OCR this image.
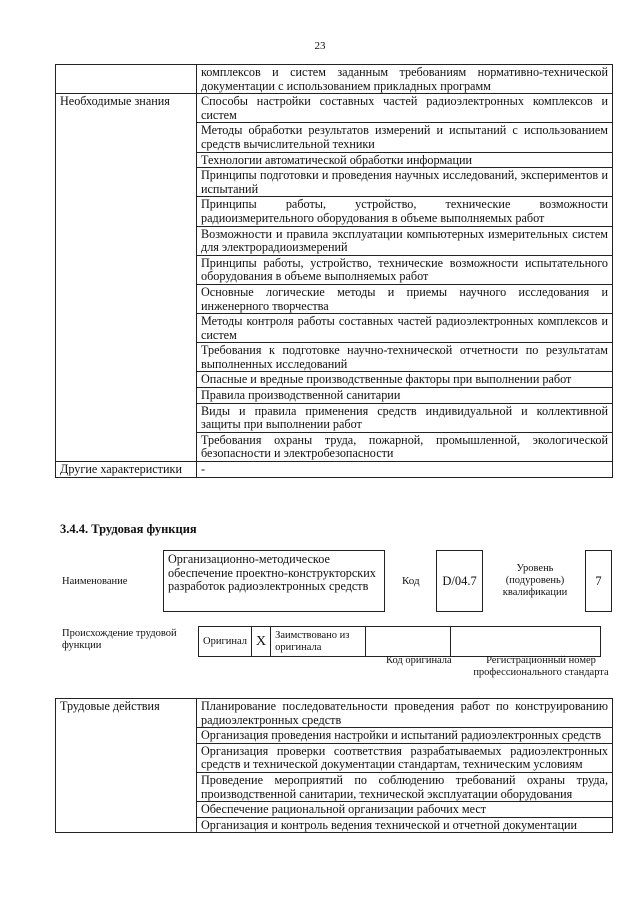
23
	комплексов и систем заданным требованиям нормативно-технической документации с использованием прикладных программ
Необходимые знания	Способы настройки составных частей радиоэлектронных комплексов и систем
	Методы обработки результатов измерений и испытаний с использованием средств вычислительной техники
	Технологии автоматической обработки информации
	Принципы подготовки и проведения научных исследований, экспериментов и испытаний
	Принципы работы, устройство, технические возможности радиоизмерительного оборудования в объеме выполняемых работ
	Возможности и правила эксплуатации компьютерных измерительных систем для электрорадиоизмерений
	Принципы работы, устройство, технические возможности испытательного оборудования в объеме выполняемых работ
	Основные логические методы и приемы научного исследования и инженерного творчества
	Методы контроля работы составных частей радиоэлектронных комплексов и систем
	Требования к подготовке научно-технической отчетности по результатам выполненных исследований
	Опасные и вредные производственные факторы при выполнении работ
	Правила производственной санитарии
	Виды и правила применения средств индивидуальной и коллективной защиты при выполнении работ
	Требования охраны труда, пожарной, промышленной, экологической безопасности и электробезопасности
Другие характеристики	-
3.4.4. Трудовая функция
Наименование
Организационно-методическое обеспечение проектно-конструкторских разработок радиоэлектронных средств	Код D/04.7
Уровень (подуровень) квалификации
7
Происхождение трудовой функции	Оригинал	X	Заимствовано из оригинала		
Код оригинала	Регистрационный номер профессионального стандарта
Трудовые действия	Планирование последовательности проведения работ по конструированию радиоэлектронных средств
Организация проведения настройки и испытаний радиоэлектронных средств
Организация проверки соответствия разрабатываемых радиоэлектронных средств и технической документации стандартам, техническим условиям
Проведение мероприятий по соблюдению требований охраны труда, производственной санитарии, технической эксплуатации оборудования
Обеспечение рациональной организации рабочих мест
Организация и контроль ведения технической и отчетной документации
